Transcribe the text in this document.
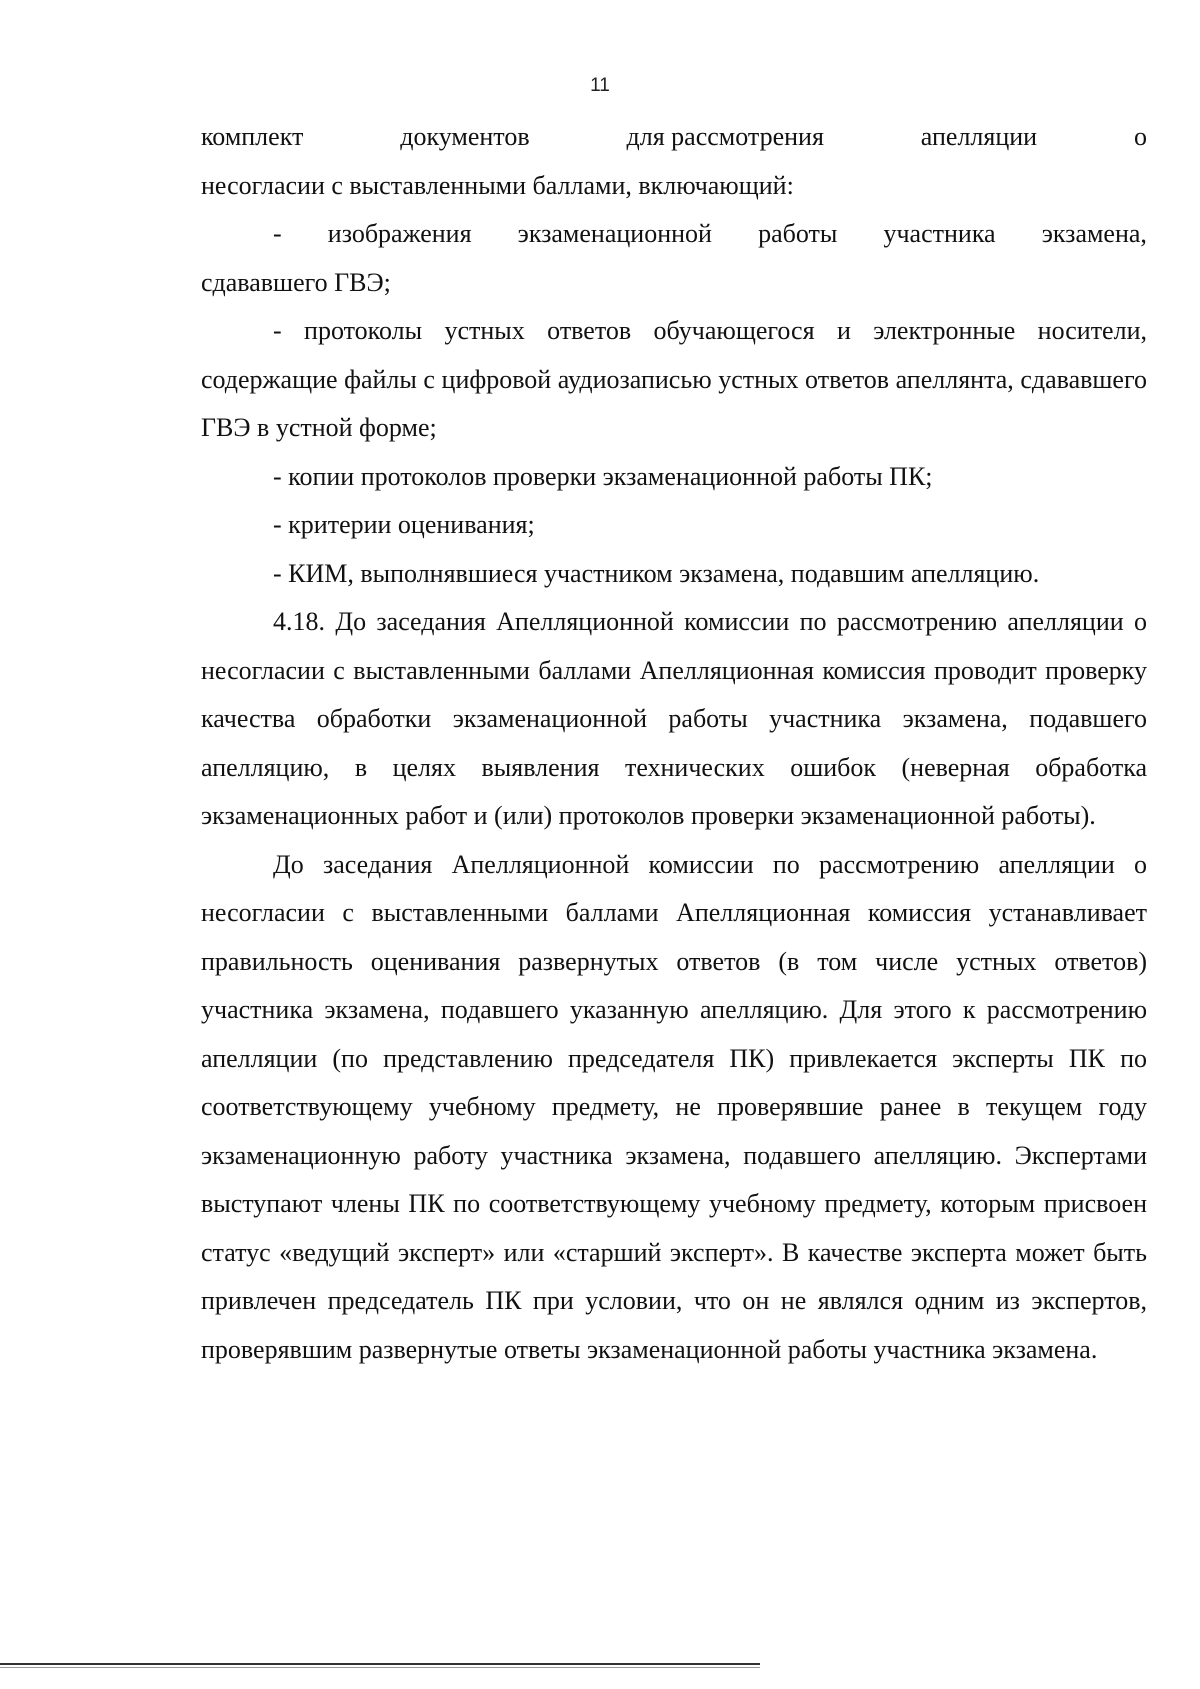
11
комплект	документов	для рассмотрения	апелляции	о

несогласии с выставленными баллами, включающий:

- изображения экзаменационной работы участника экзамена,

сдававшего ГВЭ;

- протоколы устных ответов обучающегося и электронные носители, содержащие файлы с цифровой аудиозаписью устных ответов апеллянта, сдававшего ГВЭ в устной форме;

- копии протоколов проверки экзаменационной работы ПК;

- критерии оценивания;

- КИМ, выполнявшиеся участником экзамена, подавшим апелляцию.

4.18. До заседания Апелляционной комиссии по рассмотрению апелляции о несогласии с выставленными баллами Апелляционная комиссия проводит проверку качества обработки экзаменационной работы участника экзамена, подавшего апелляцию, в целях выявления технических ошибок (неверная обработка экзаменационных работ и (или) протоколов проверки экзаменационной работы).

До заседания Апелляционной комиссии по рассмотрению апелляции о несогласии с выставленными баллами Апелляционная комиссия устанавливает правильность оценивания развернутых ответов (в том числе устных ответов) участника экзамена, подавшего указанную апелляцию. Для этого к рассмотрению апелляции (по представлению председателя ПК) привлекается эксперты ПК по соответствующему учебному предмету, не проверявшие ранее в текущем году экзаменационную работу участника экзамена, подавшего апелляцию. Экспертами выступают члены ПК по соответствующему учебному предмету, которым присвоен статус «ведущий эксперт» или «старший эксперт». В качестве эксперта может быть привлечен председатель ПК при условии, что он не являлся одним из экспертов, проверявшим развернутые ответы экзаменационной работы участника экзамена.
